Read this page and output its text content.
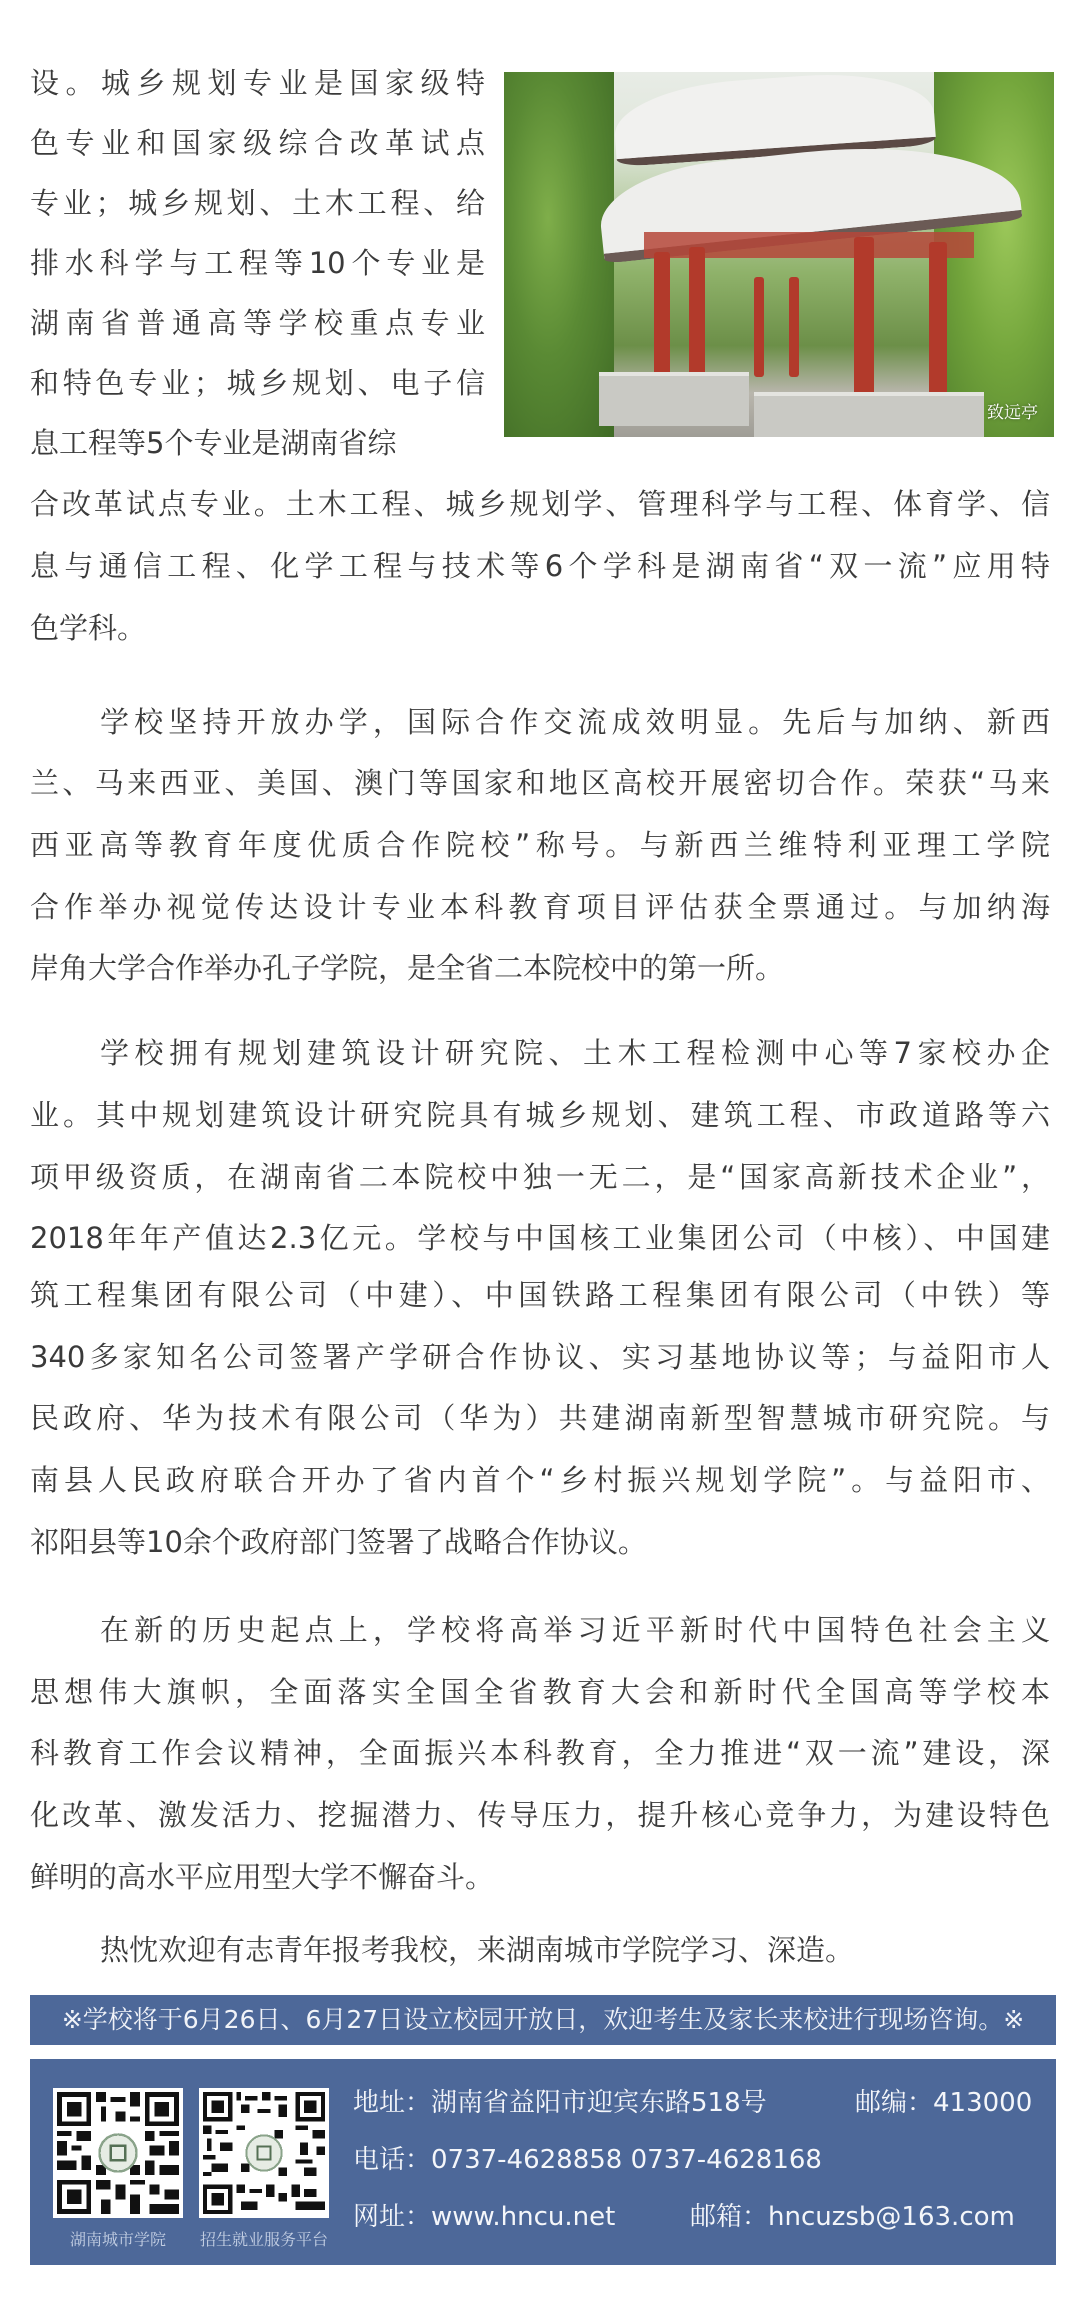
设。城乡规划专业是国家级特
色专业和国家级综合改革试点
专业；城乡规划、土木工程、给
排水科学与工程等10个专业是
湖南省普通高等学校重点专业
和特色专业；城乡规划、电子信
息工程等5个专业是湖南省综
合改革试点专业。土木工程、城乡规划学、管理科学与工程、体育学、信
息与通信工程、化学工程与技术等6个学科是湖南省“双一流”应用特
色学科。
致远亭
学校坚持开放办学，国际合作交流成效明显。先后与加纳、新西
兰、马来西亚、美国、澳门等国家和地区高校开展密切合作。荣获“马来
西亚高等教育年度优质合作院校”称号。与新西兰维特利亚理工学院
合作举办视觉传达设计专业本科教育项目评估获全票通过。与加纳海
岸角大学合作举办孔子学院，是全省二本院校中的第一所。
学校拥有规划建筑设计研究院、土木工程检测中心等7家校办企
业。其中规划建筑设计研究院具有城乡规划、建筑工程、市政道路等六
项甲级资质，在湖南省二本院校中独一无二，是“国家高新技术企业”，
2018年年产值达2.3亿元。学校与中国核工业集团公司（中核）、中国建
筑工程集团有限公司（中建）、中国铁路工程集团有限公司（中铁）等
340多家知名公司签署产学研合作协议、实习基地协议等；与益阳市人
民政府、华为技术有限公司（华为）共建湖南新型智慧城市研究院。与
南县人民政府联合开办了省内首个“乡村振兴规划学院”。与益阳市、
祁阳县等10余个政府部门签署了战略合作协议。
在新的历史起点上，学校将高举习近平新时代中国特色社会主义
思想伟大旗帜，全面落实全国全省教育大会和新时代全国高等学校本
科教育工作会议精神，全面振兴本科教育，全力推进“双一流”建设，深
化改革、激发活力、挖掘潜力、传导压力，提升核心竞争力，为建设特色
鲜明的高水平应用型大学不懈奋斗。
热忱欢迎有志青年报考我校，来湖南城市学院学习、深造。
※学校将于6月26日、6月27日设立校园开放日，欢迎考生及家长来校进行现场咨询。※
湖南城市学院	招生就业服务平台
地址：湖南省益阳市迎宾东路518号	邮编：413000
电话：0737-4628858 0737-4628168
网址：www.hncu.net	邮箱：hncuzsb@163.com
